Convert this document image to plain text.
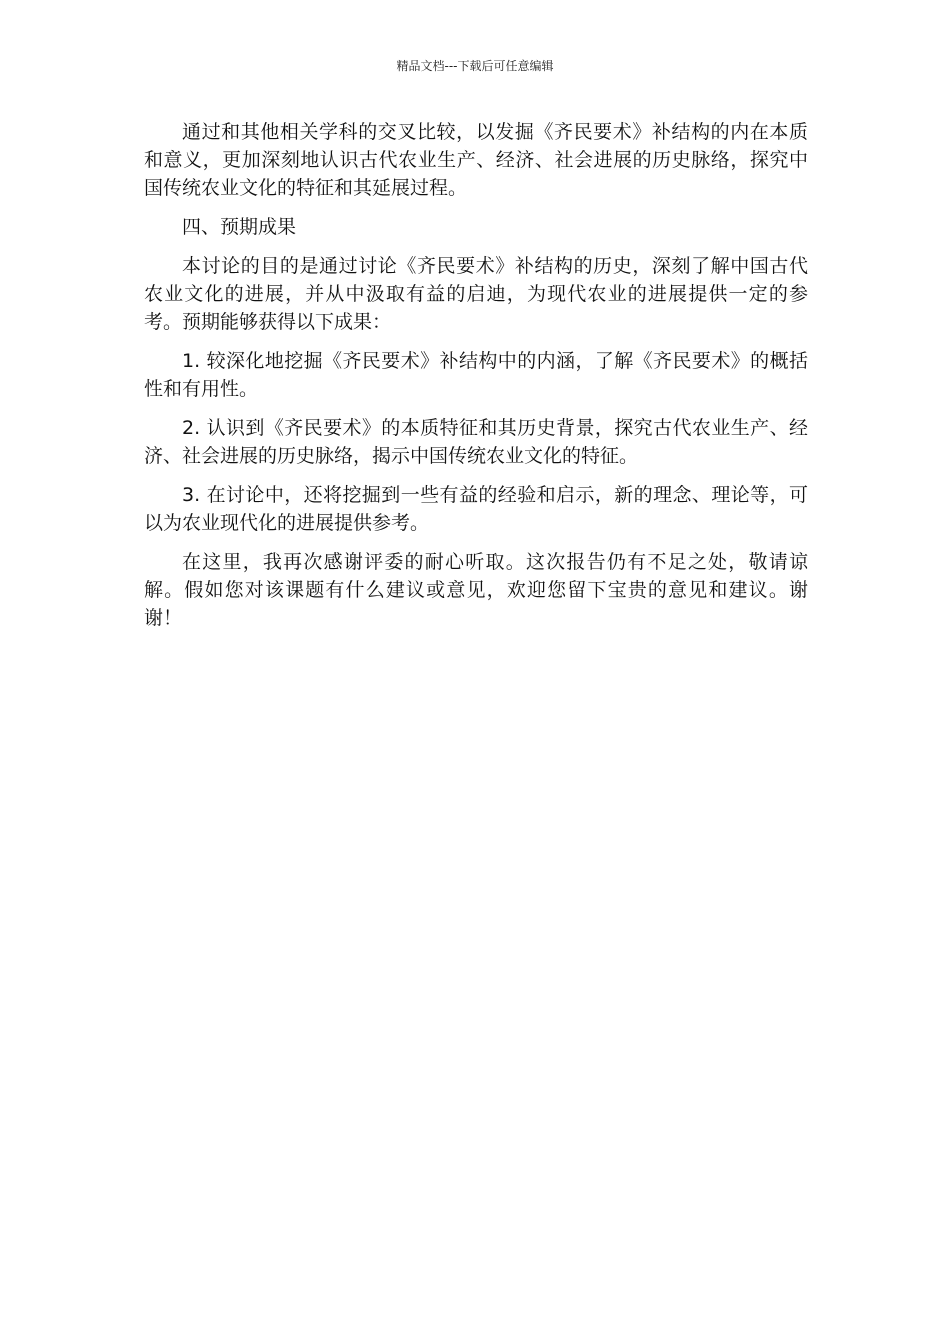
精品文档---下载后可任意编辑

通过和其他相关学科的交叉比较，以发掘《齐民要术》补结构的内在本质和意义，更加深刻地认识古代农业生产、经济、社会进展的历史脉络，探究中国传统农业文化的特征和其延展过程。

四、预期成果

本讨论的目的是通过讨论《齐民要术》补结构的历史，深刻了解中国古代农业文化的进展，并从中汲取有益的启迪，为现代农业的进展提供一定的参考。预期能够获得以下成果：

1. 较深化地挖掘《齐民要术》补结构中的内涵，了解《齐民要术》的概括性和有用性。

2. 认识到《齐民要术》的本质特征和其历史背景，探究古代农业生产、经济、社会进展的历史脉络，揭示中国传统农业文化的特征。

3. 在讨论中，还将挖掘到一些有益的经验和启示，新的理念、理论等，可以为农业现代化的进展提供参考。

在这里，我再次感谢评委的耐心听取。这次报告仍有不足之处，敬请谅解。假如您对该课题有什么建议或意见，欢迎您留下宝贵的意见和建议。谢谢！
